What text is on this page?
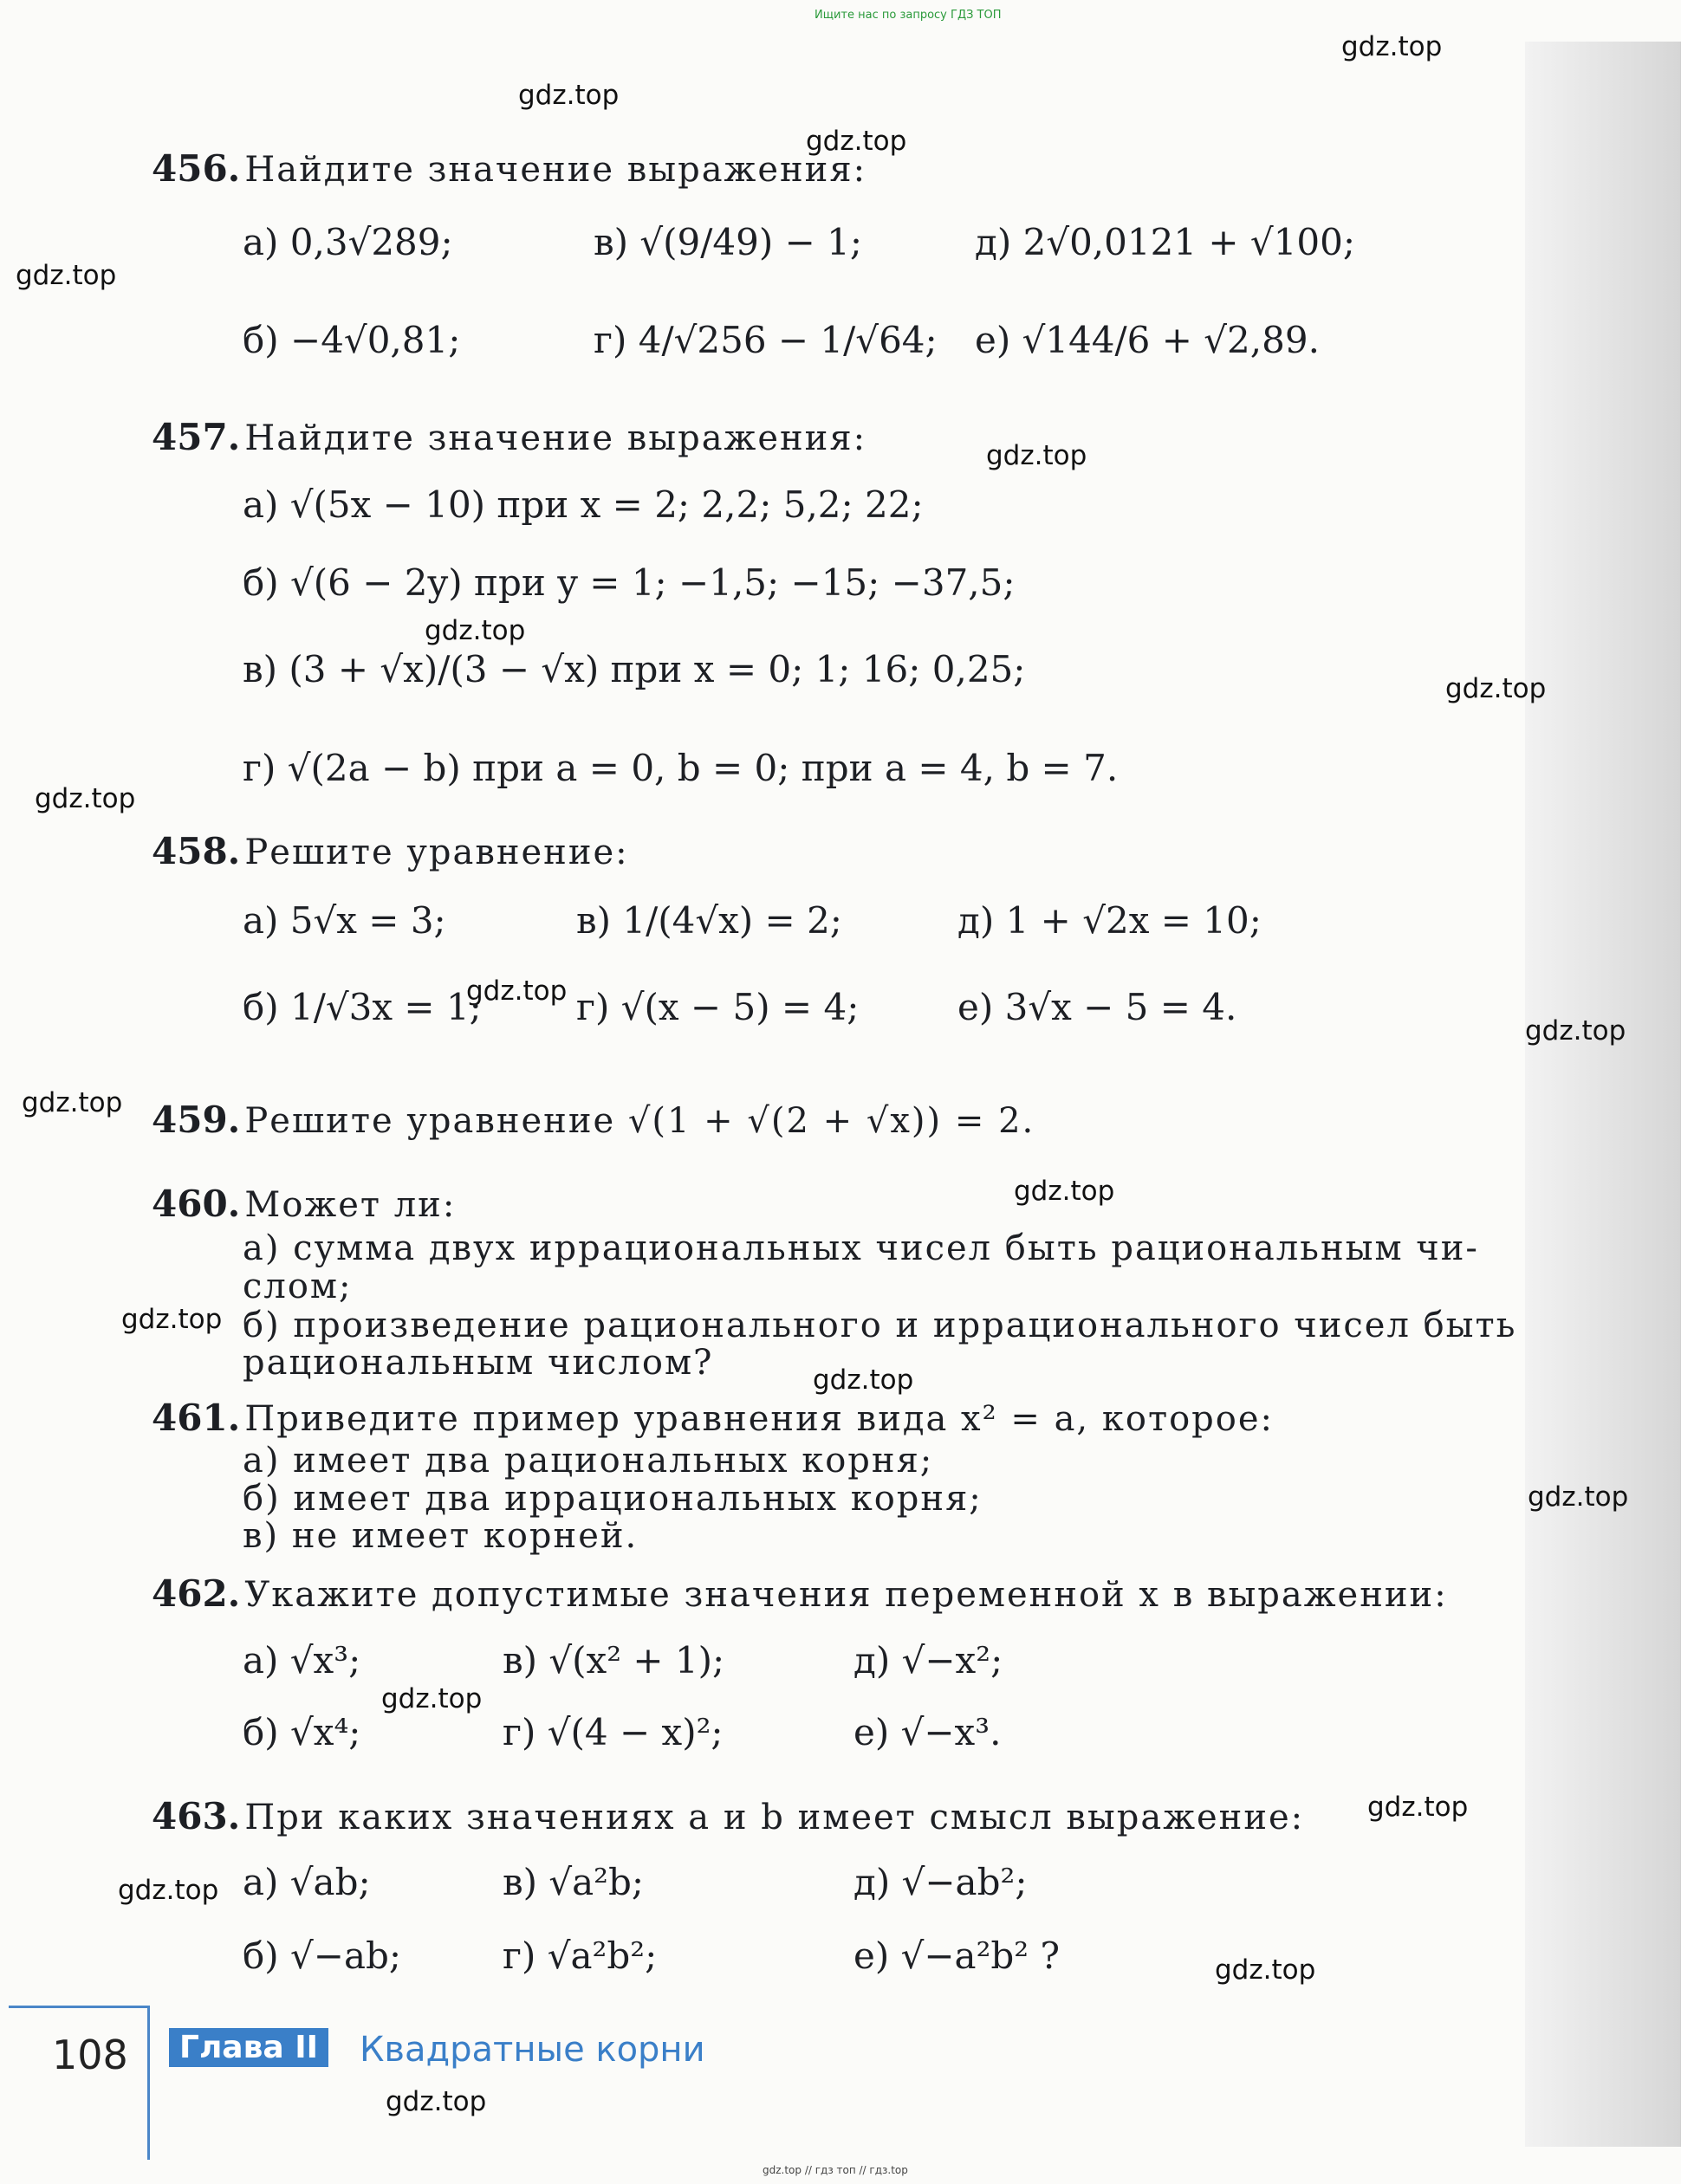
Ищите нас по запросу ГДЗ ТОП
gdz.top
gdz.top
gdz.top
gdz.top
gdz.top
gdz.top
gdz.top
gdz.top
gdz.top
gdz.top
gdz.top
gdz.top
gdz.top
gdz.top
gdz.top
gdz.top
gdz.top
gdz.top
gdz.top
gdz.top
456. Найдите значение выражения:
а) 0,3√289;	в) √(9/49) − 1;	д) 2√0,0121 + √100;
б) −4√0,81;	г) 4/√256 − 1/√64; е) √144/6 + √2,89.
457. Найдите значение выражения:
а) √(5x − 10) при x = 2; 2,2; 5,2; 22;
б) √(6 − 2y) при y = 1; −1,5; −15; −37,5;
в) (3 + √x)/(3 − √x) при x = 0; 1; 16; 0,25;
г) √(2a − b) при a = 0, b = 0; при a = 4, b = 7.
458. Решите уравнение:
а) 5√x = 3;	в) 1/(4√x) = 2;	д) 1 + √2x = 10;
б) 1/√3x = 1;	г) √(x − 5) = 4;	е) 3√x − 5 = 4.
459. Решите уравнение √(1 + √(2 + √x)) = 2.
460. Может ли:
а) сумма двух иррациональных чисел быть рациональным чи-
слом;
б) произведение рационального и иррационального чисел быть
рациональным числом?
461. Приведите пример уравнения вида x² = a, которое:
а) имеет два рациональных корня;
б) имеет два иррациональных корня;
в) не имеет корней.
462. Укажите допустимые значения переменной x в выражении:
а) √x³;	в) √(x² + 1);	д) √−x²;
б) √x⁴;	г) √(4 − x)²;	е) √−x³.
463. При каких значениях a и b имеет смысл выражение:
а) √ab;	в) √a²b;	д) √−ab²;
б) √−ab;	г) √a²b²;	е) √−a²b² ?
108	Глава II	Квадратные корни
gdz.top // гдз топ // гдз.top
